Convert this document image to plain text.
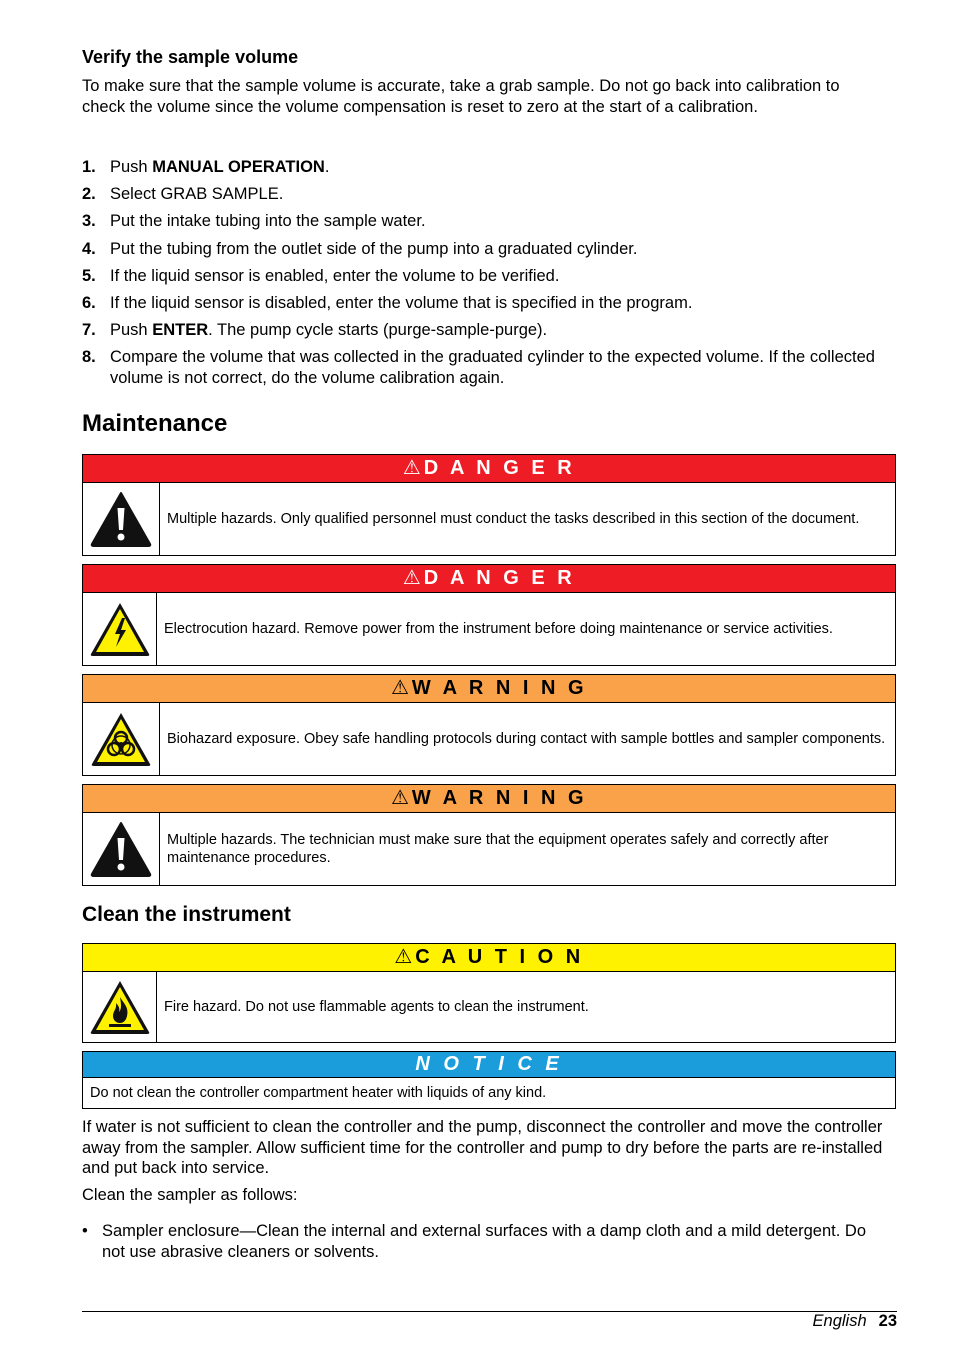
Verify the sample volume

To make sure that the sample volume is accurate, take a grab sample. Do not go back into calibration to check the volume since the volume compensation is reset to zero at the start of a calibration.

1. Push MANUAL OPERATION.
2. Select GRAB SAMPLE.
3. Put the intake tubing into the sample water.
4. Put the tubing from the outlet side of the pump into a graduated cylinder.
5. If the liquid sensor is enabled, enter the volume to be verified.
6. If the liquid sensor is disabled, enter the volume that is specified in the program.
7. Push ENTER. The pump cycle starts (purge-sample-purge).
8. Compare the volume that was collected in the graduated cylinder to the expected volume. If the collected volume is not correct, do the volume calibration again.
Maintenance
⚠ D A N G E R
Multiple hazards. Only qualified personnel must conduct the tasks described in this section of the document.
⚠ D A N G E R
Electrocution hazard. Remove power from the instrument before doing maintenance or service activities.
⚠ W A R N I N G
Biohazard exposure. Obey safe handling protocols during contact with sample bottles and sampler components.
⚠ W A R N I N G
Multiple hazards. The technician must make sure that the equipment operates safely and correctly after maintenance procedures.
Clean the instrument
⚠ C A U T I O N
Fire hazard. Do not use flammable agents to clean the instrument.
N O T I C E
Do not clean the controller compartment heater with liquids of any kind.

If water is not sufficient to clean the controller and the pump, disconnect the controller and move the controller away from the sampler. Allow sufficient time for the controller and pump to dry before the parts are re-installed and put back into service.

Clean the sampler as follows:

• Sampler enclosure—Clean the internal and external surfaces with a damp cloth and a mild detergent. Do not use abrasive cleaners or solvents.
English 23
